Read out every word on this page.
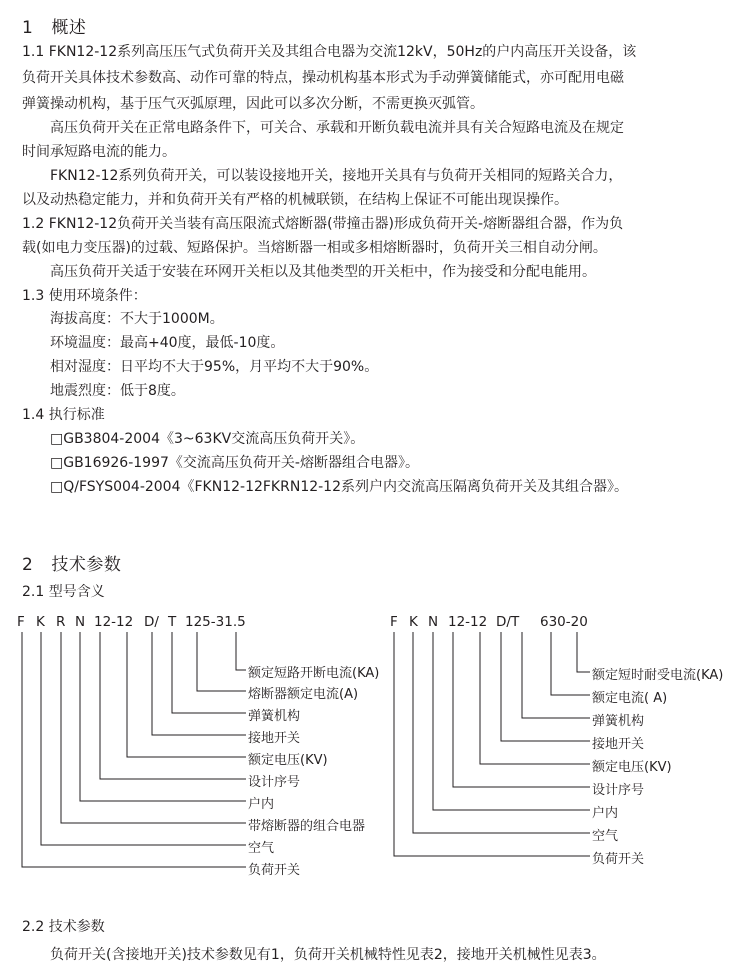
1 概述
1.1 FKN12-12系列高压压气式负荷开关及其组合电器为交流12kV，50Hz的户内高压开关设备，该
负荷开关具体技术参数高、动作可靠的特点，操动机构基本形式为手动弹簧储能式，亦可配用电磁
弹簧操动机构，基于压气灭弧原理，因此可以多次分断，不需更换灭弧管。
高压负荷开关在正常电路条件下，可关合、承载和开断负载电流并具有关合短路电流及在规定
时间承短路电流的能力。
FKN12-12系列负荷开关，可以装设接地开关，接地开关具有与负荷开关相同的短路关合力，
以及动热稳定能力，并和负荷开关有严格的机械联锁，在结构上保证不可能出现误操作。
1.2 FKN12-12负荷开关当装有高压限流式熔断器(带撞击器)形成负荷开关-熔断器组合器，作为负
载(如电力变压器)的过载、短路保护。当熔断器一相或多相熔断器时，负荷开关三相自动分闸。
高压负荷开关适于安装在环网开关柜以及其他类型的开关柜中，作为接受和分配电能用。
1.3 使用环境条件：
海拔高度：不大于1000M。
环境温度：最高+40度，最低-10度。
相对湿度：日平均不大于95%，月平均不大于90%。
地震烈度：低于8度。
1.4 执行标准
□GB3804-2004《3~63KV交流高压负荷开关》。
□GB16926-1997《交流高压负荷开关-熔断器组合电器》。
□Q/FSYS004-2004《FKN12-12FKRN12-12系列户内交流高压隔离负荷开关及其组合器》。
2 技术参数
2.1 型号含义
F K R N 12-12 D/ T 125-31.5
额定短路开断电流(KA)
熔断器额定电流(A)
弹簧机构
接地开关
额定电压(KV)
设计序号
户内
带熔断器的组合电器
空气
负荷开关
F K N 12-12 D/T 630-20
额定短时耐受电流(KA)
额定电流( A)
弹簧机构
接地开关
额定电压(KV)
设计序号
户内
空气
负荷开关
2.2 技术参数
负荷开关(含接地开关)技术参数见有1，负荷开关机械特性见表2，接地开关机械性见表3。
